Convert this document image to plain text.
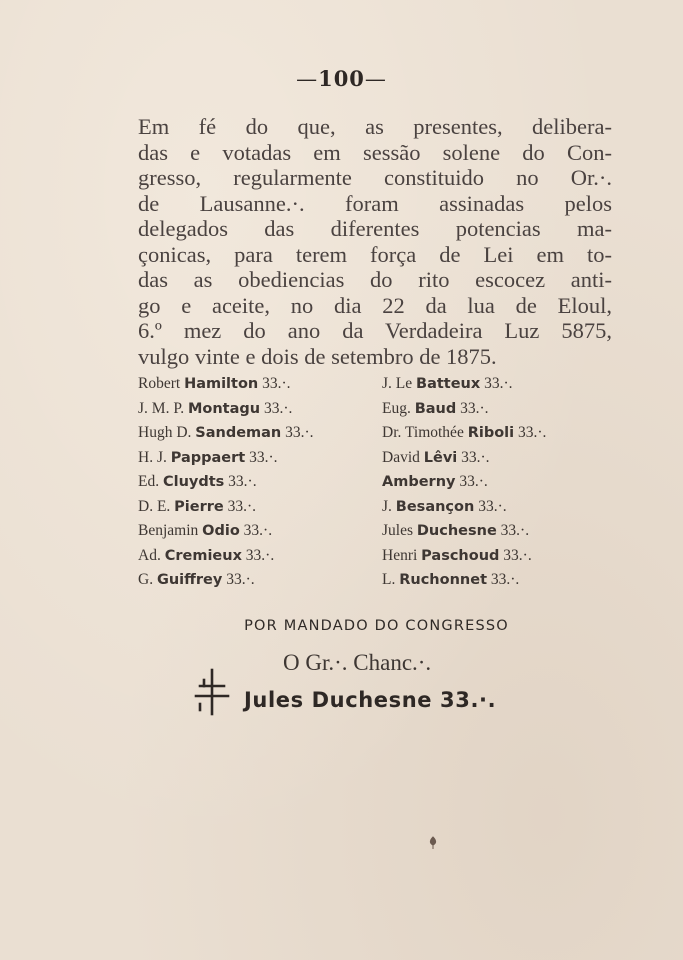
—100—
Em fé do que, as presentes, delibera-
das e votadas em sessão solene do Con-
gresso, regularmente constituido no Or.·.
de Lausanne.·. foram assinadas pelos
delegados das diferentes potencias ma-
çonicas, para terem força de Lei em to-
das as obediencias do rito escocez anti-
go e aceite, no dia 22 da lua de Eloul,
6.º mez do ano da Verdadeira Luz 5875,
vulgo vinte e dois de setembro de 1875.
Robert Hamilton 33.·.
J. M. P. Montagu 33.·.
Hugh D. Sandeman 33.·.
H. J. Pappaert 33.·.
Ed. Cluydts 33.·.
D. E. Pierre 33.·.
Benjamin Odio 33.·.
Ad. Cremieux 33.·.
G. Guiffrey 33.·.
J. Le Batteux 33.·.
Eug. Baud 33.·.
Dr. Timothée Riboli 33.·.
David Lêvi 33.·.
Amberny 33.·.
J. Besançon 33.·.
Jules Duchesne 33.·.
Henri Paschoud 33.·.
L. Ruchonnet 33.·.
POR MANDADO DO CONGRESSO
O Gr.·. Chanc.·.
Jules Duchesne 33.·.
